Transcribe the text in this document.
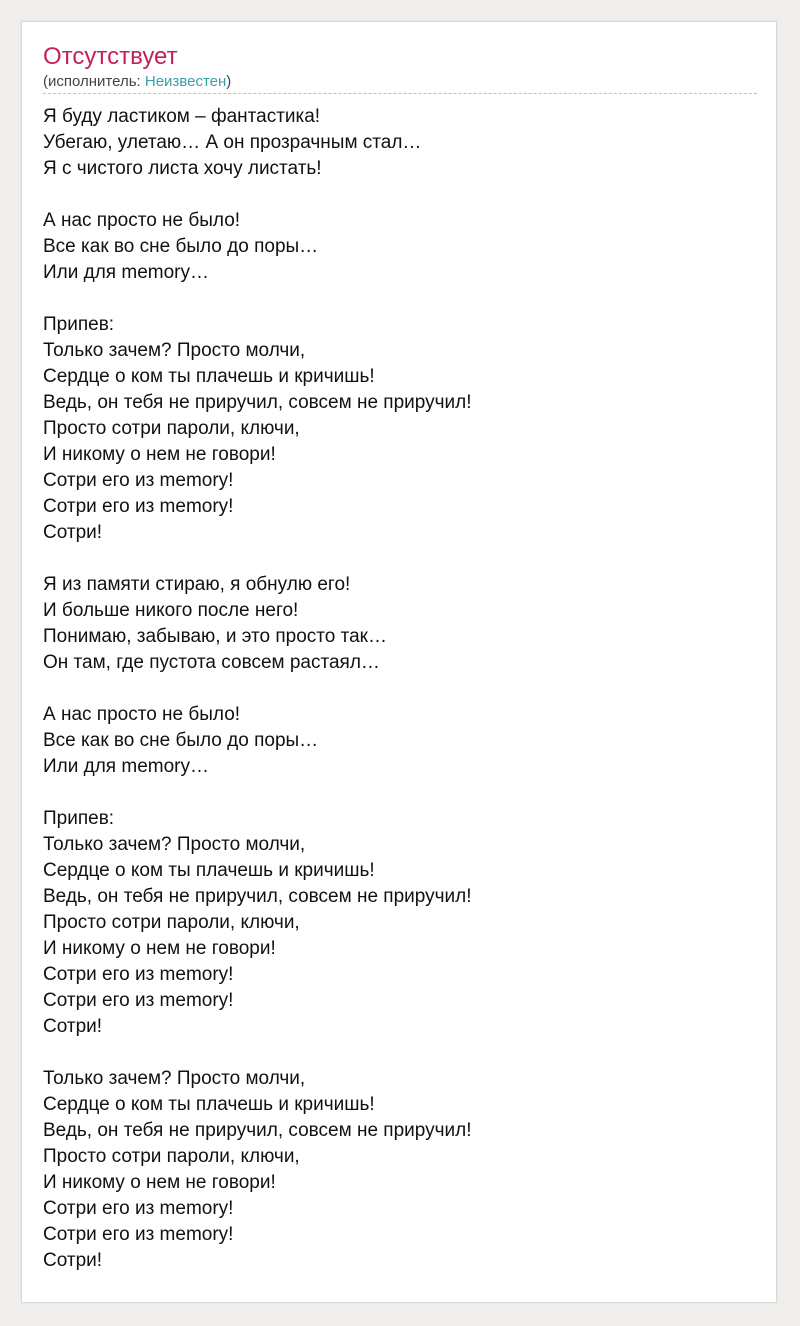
Отсутствует
(исполнитель: Неизвестен)
Я буду ластиком – фантастика!
Убегаю, улетаю… А он прозрачным стал…
Я с чистого листа хочу листать!
А нас просто не было!
Все как во сне было до поры…
Или для memory…
Припев:
Только зачем? Просто молчи,
Сердце о ком ты плачешь и кричишь!
Ведь, он тебя не приручил, совсем не приручил!
Просто сотри пароли, ключи,
И никому о нем не говори!
Сотри его из memory!
Сотри его из memory!
Сотри!
Я из памяти стираю, я обнулю его!
И больше никого после него!
Понимаю, забываю, и это просто так…
Он там, где пустота совсем растаял…
А нас просто не было!
Все как во сне было до поры…
Или для memory…
Припев:
Только зачем? Просто молчи,
Сердце о ком ты плачешь и кричишь!
Ведь, он тебя не приручил, совсем не приручил!
Просто сотри пароли, ключи,
И никому о нем не говори!
Сотри его из memory!
Сотри его из memory!
Сотри!
Только зачем? Просто молчи,
Сердце о ком ты плачешь и кричишь!
Ведь, он тебя не приручил, совсем не приручил!
Просто сотри пароли, ключи,
И никому о нем не говори!
Сотри его из memory!
Сотри его из memory!
Сотри!
